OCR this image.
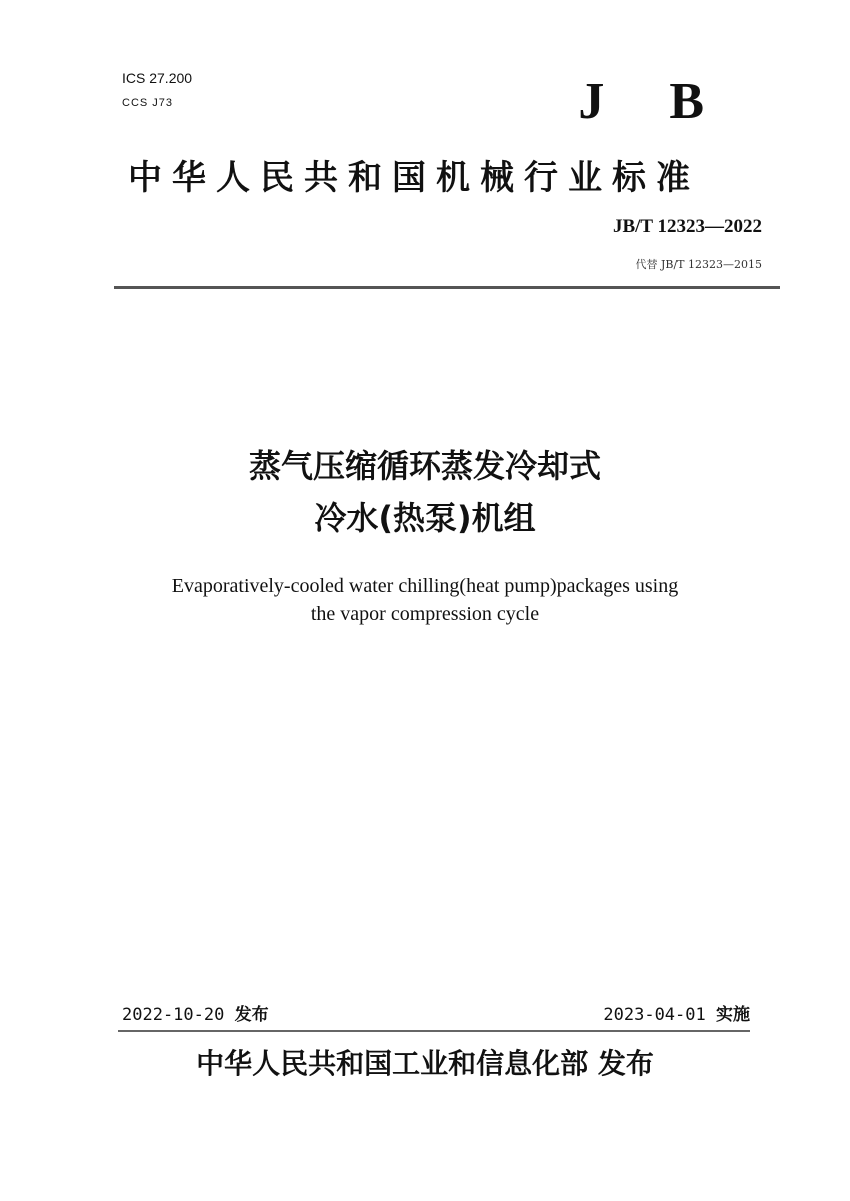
ICS 27.200
CCS J73	J B
中华人民共和国机械行业标准
JB/T 12323—2022
代替 JB/T 12323—2015
蒸气压缩循环蒸发冷却式
冷水(热泵)机组
Evaporatively-cooled water chilling(heat pump)packages using
the vapor compression cycle
2022-10-20 发布	2023-04-01 实施
中华人民共和国工业和信息化部 发布
